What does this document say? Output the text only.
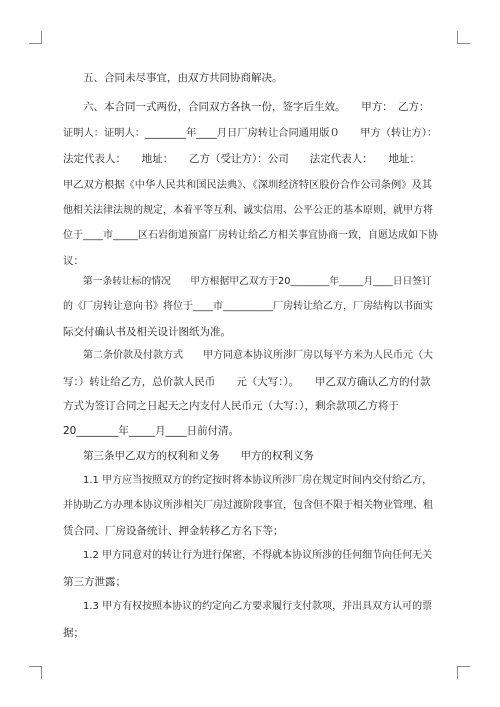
五、合同未尽事宜，由双方共同协商解决。
六、本合同一式两份，合同双方各执一份，签字后生效。　　甲方：　乙方：
证明人：证明人：________年____月日厂房转让合同通用版０　　甲方（转让方）：
法定代表人：　　地址：　　乙方（受让方）：公司　　法定代表人：　　地址：
甲乙双方根据《中华人民共和国民法典》、《深圳经济特区股份合作公司条例》及其
他相关法律法规的规定，本着平等互利、诚实信用、公平公正的基本原则，就甲方将
位于____市_____区石岩街道预富厂房转让给乙方相关事宜协商一致，自愿达成如下协
议：
第一条转让标的情况　　甲方根据甲乙双方于20________年_____月____日日签订
的《厂房转让意向书》将位于____市__________厂房转让给乙方，厂房结构以书面实
际交付确认书及相关设计图纸为准。
第二条价款及付款方式　　甲方同意本协议所涉厂房以每平方米为人民币元（大
写：）转让给乙方，总价款人民币　　元（大写：）。　　甲乙双方确认乙方的付款
方式为签订合同之日起天之内支付人民币元（大写：），剩余款项乙方将于
20________年_____月____日前付清。
第三条甲乙双方的权利和义务　　甲方的权利义务
1.1 甲方应当按照双方的约定按时将本协议所涉厂房在规定时间内交付给乙方，
并协助乙方办理本协议所涉相关厂房过渡阶段事宜，包含但不限于相关物业管理、租
赁合同、厂房设备统计、押金转移乙方名下等；
1.2 甲方同意对的转让行为进行保密，不得就本协议所涉的任何细节向任何无关
第三方泄露；
1.3 甲方有权按照本协议的约定向乙方要求履行支付款项，并出具双方认可的票
据；
